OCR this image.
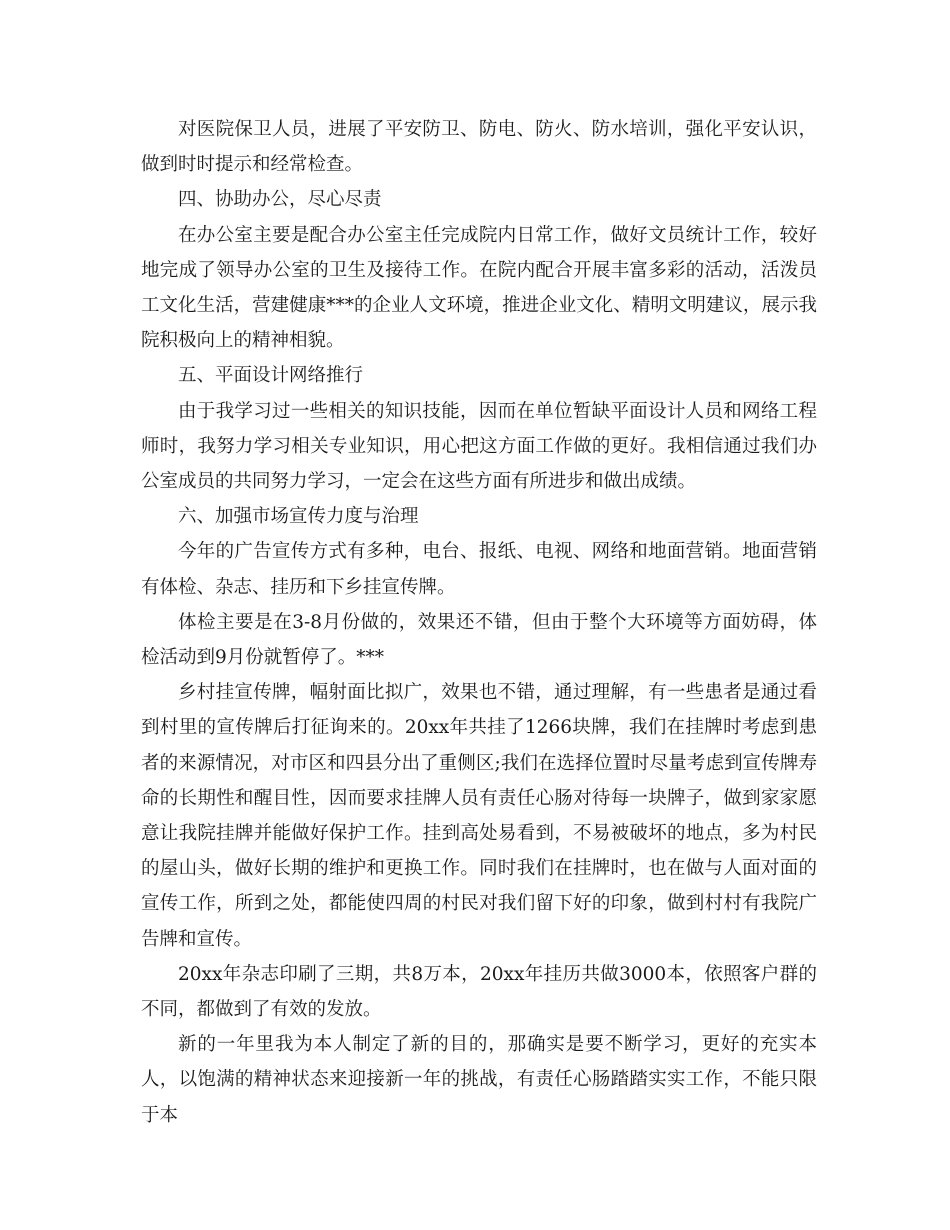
对医院保卫人员，进展了平安防卫、防电、防火、防水培训，强化平安认识，做到时时提示和经常检查。

四、协助办公，尽心尽责

在办公室主要是配合办公室主任完成院内日常工作，做好文员统计工作，较好地完成了领导办公室的卫生及接待工作。在院内配合开展丰富多彩的活动，活泼员工文化生活，营建健康***的企业人文环境，推进企业文化、精明文明建议，展示我院积极向上的精神相貌。

五、平面设计网络推行

由于我学习过一些相关的知识技能，因而在单位暂缺平面设计人员和网络工程师时，我努力学习相关专业知识，用心把这方面工作做的更好。我相信通过我们办公室成员的共同努力学习，一定会在这些方面有所进步和做出成绩。

六、加强市场宣传力度与治理

今年的广告宣传方式有多种，电台、报纸、电视、网络和地面营销。地面营销有体检、杂志、挂历和下乡挂宣传牌。

体检主要是在3-8月份做的，效果还不错，但由于整个大环境等方面妨碍，体检活动到9月份就暂停了。***

乡村挂宣传牌，幅射面比拟广，效果也不错，通过理解，有一些患者是通过看到村里的宣传牌后打征询来的。20xx年共挂了1266块牌，我们在挂牌时考虑到患者的来源情况，对市区和四县分出了重侧区;我们在选择位置时尽量考虑到宣传牌寿命的长期性和醒目性，因而要求挂牌人员有责任心肠对待每一块牌子，做到家家愿意让我院挂牌并能做好保护工作。挂到高处易看到，不易被破坏的地点，多为村民的屋山头，做好长期的维护和更换工作。同时我们在挂牌时，也在做与人面对面的宣传工作，所到之处，都能使四周的村民对我们留下好的印象，做到村村有我院广告牌和宣传。

20xx年杂志印刷了三期，共8万本，20xx年挂历共做3000本，依照客户群的不同，都做到了有效的发放。

新的一年里我为本人制定了新的目的，那确实是要不断学习，更好的充实本人，以饱满的精神状态来迎接新一年的挑战，有责任心肠踏踏实实工作，不能只限于本
